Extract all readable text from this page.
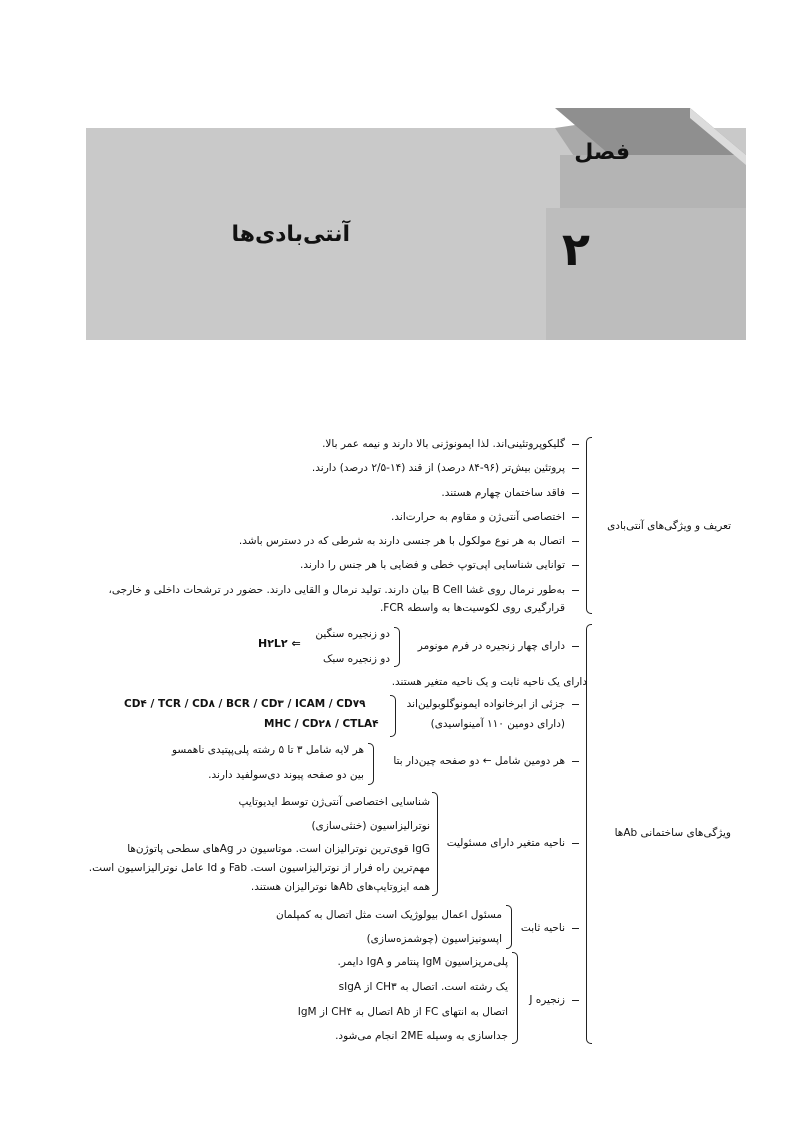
فصل
۲
آنتی‌بادی‌ها
تعریف و ویژگی‌های آنتی‌بادی
گلیکوپروتئینی‌اند. لذا ایمونوژنی بالا دارند و نیمه عمر بالا.
پروتئین بیش‌تر (۹۶-۸۴ درصد) از قند (۱۴-۲/۵ درصد) دارند.
فاقد ساختمان چهارم هستند.
اختصاصی آنتی‌ژن و مقاوم به حرارت‌اند.
اتصال به هر نوع مولکول با هر جنسی دارند به شرطی که در دسترس باشد.
توانایی شناسایی اپی‌توپ خطی و فضایی با هر جنس را دارند.
به‌طور نرمال روی غشا B Cell بیان دارند. تولید نرمال و القایی دارند. حضور در ترشحات داخلی و خارجی،
قرارگیری روی لکوسیت‌ها به واسطه FCR.
ویژگی‌های ساختمانی Abها
دارای چهار زنجیره در فرم مونومر
دو زنجیره سنگین
دو زنجیره سبک
H۲L۲ ⇐
دارای یک ناحیه ثابت و یک ناحیه متغیر هستند.
جزئی از ابرخانواده ایمونوگلوبولین‌اند
(دارای دومین ۱۱۰ آمینواسیدی)
CD۴ / TCR / CD۸ / BCR / CD۳ / ICAM / CD۷۹
MHC / CD۲۸ / CTLA۴
هر دومین شامل ← دو صفحه چین‌دار بتا
هر لایه شامل ۳ تا ۵ رشته پلی‌پپتیدی ناهمسو
بین دو صفحه پیوند دی‌سولفید دارند.
ناحیه متغیر دارای مسئولیت
شناسایی اختصاصی آنتی‌ژن توسط ایدیوتایپ
نوترالیزاسیون (خنثی‌سازی)
IgG قوی‌ترین نوترالیزان است. موتاسیون در Agهای سطحی پاتوژن‌ها
مهم‌ترین راه فرار از نوترالیزاسیون است. Fab و Id عامل نوترالیزاسیون است.
همه ایزوتایپ‌های Abها نوترالیزان هستند.
ناحیه ثابت
مسئول اعمال بیولوژیک است مثل اتصال به کمپلمان
اپسونیزاسیون (چوشمزه‌سازی)
زنجیره J
پلی‌مریزاسیون IgM پنتامر و IgA دایمر.
یک رشته است. اتصال به CH۳ از sIgA
اتصال به انتهای FC از Ab اتصال به CH۴ از IgM
جداسازی به وسیله 2ME انجام می‌شود.
